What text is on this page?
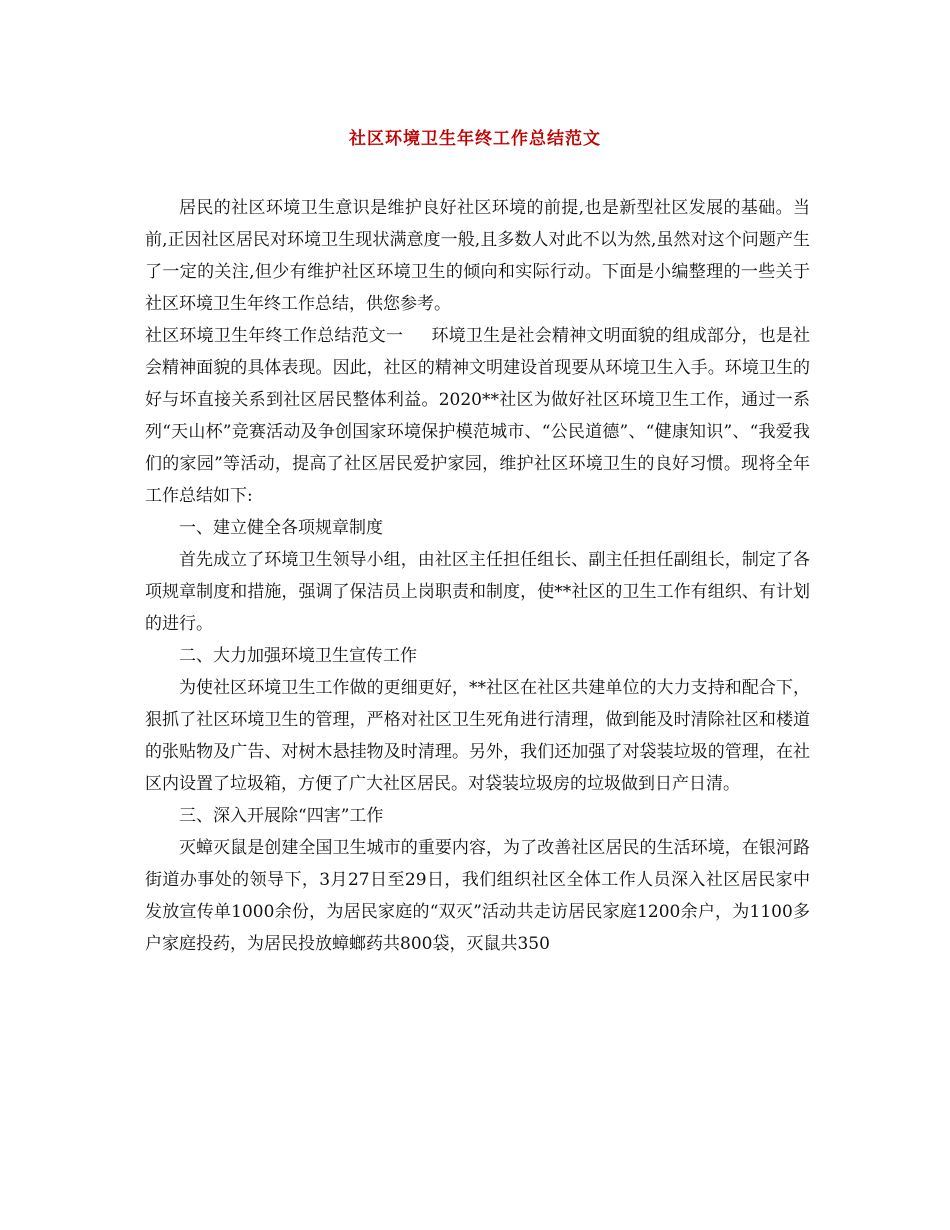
社区环境卫生年终工作总结范文

居民的社区环境卫生意识是维护良好社区环境的前提,也是新型社区发展的基础。当前,正因社区居民对环境卫生现状满意度一般,且多数人对此不以为然,虽然对这个问题产生了一定的关注,但少有维护社区环境卫生的倾向和实际行动。下面是小编整理的一些关于社区环境卫生年终工作总结，供您参考。

社区环境卫生年终工作总结范文一 环境卫生是社会精神文明面貌的组成部分，也是社会精神面貌的具体表现。因此，社区的精神文明建设首现要从环境卫生入手。环境卫生的好与坏直接关系到社区居民整体利益。2020**社区为做好社区环境卫生工作，通过一系列“天山杯”竞赛活动及争创国家环境保护模范城市、“公民道德”、“健康知识”、“我爱我们的家园”等活动，提高了社区居民爱护家园，维护社区环境卫生的良好习惯。现将全年工作总结如下:

一、建立健全各项规章制度

首先成立了环境卫生领导小组，由社区主任担任组长、副主任担任副组长，制定了各项规章制度和措施，强调了保洁员上岗职责和制度，使**社区的卫生工作有组织、有计划的进行。

二、大力加强环境卫生宣传工作

为使社区环境卫生工作做的更细更好，**社区在社区共建单位的大力支持和配合下，狠抓了社区环境卫生的管理，严格对社区卫生死角进行清理，做到能及时清除社区和楼道的张贴物及广告、对树木悬挂物及时清理。另外，我们还加强了对袋装垃圾的管理，在社区内设置了垃圾箱，方便了广大社区居民。对袋装垃圾房的垃圾做到日产日清。

三、深入开展除“四害”工作

灭蟑灭鼠是创建全国卫生城市的重要内容，为了改善社区居民的生活环境，在银河路街道办事处的领导下，3月27日至29日，我们组织社区全体工作人员深入社区居民家中发放宣传单1000余份，为居民家庭的“双灭”活动共走访居民家庭1200余户，为1100多户家庭投药，为居民投放蟑螂药共800袋，灭鼠共350
